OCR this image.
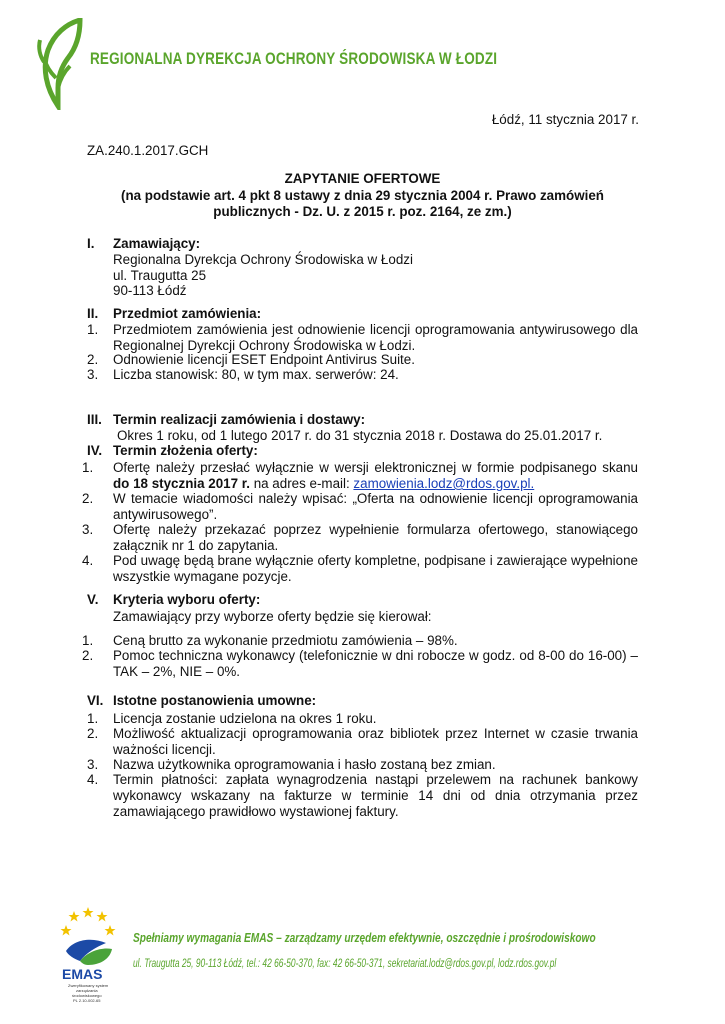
REGIONALNA DYREKCJA OCHRONY ŚRODOWISKA W ŁODZI
Łódź, 11 stycznia 2017 r.
ZA.240.1.2017.GCH
ZAPYTANIE OFERTOWE
(na podstawie art. 4 pkt 8 ustawy z dnia 29 stycznia 2004 r. Prawo zamówień
publicznych - Dz. U. z 2015 r. poz. 2164, ze zm.)
I. Zamawiający:
Regionalna Dyrekcja Ochrony Środowiska w Łodzi
ul. Traugutta 25
90-113 Łódź
II. Przedmiot zamówienia:
1. Przedmiotem zamówienia jest odnowienie licencji oprogramowania antywirusowego dla
Regionalnej Dyrekcji Ochrony Środowiska w Łodzi.
2. Odnowienie licencji ESET Endpoint Antivirus Suite.
3. Liczba stanowisk: 80, w tym max. serwerów: 24.
III. Termin realizacji zamówienia i dostawy:
Okres 1 roku, od 1 lutego 2017 r. do 31 stycznia 2018 r. Dostawa do 25.01.2017 r.
IV. Termin złożenia oferty:
1. Ofertę należy przesłać wyłącznie w wersji elektronicznej w formie podpisanego skanu
do 18 stycznia 2017 r. na adres e-mail: zamowienia.lodz@rdos.gov.pl.
2. W temacie wiadomości należy wpisać: „Oferta na odnowienie licencji oprogramowania
antywirusowego”.
3. Ofertę należy przekazać poprzez wypełnienie formularza ofertowego, stanowiącego
załącznik nr 1 do zapytania.
4. Pod uwagę będą brane wyłącznie oferty kompletne, podpisane i zawierające wypełnione
wszystkie wymagane pozycje.
V. Kryteria wyboru oferty:
Zamawiający przy wyborze oferty będzie się kierował:
1. Ceną brutto za wykonanie przedmiotu zamówienia – 98%.
2. Pomoc techniczna wykonawcy (telefonicznie w dni robocze w godz. od 8-00 do 16-00) –
TAK – 2%, NIE – 0%.
VI. Istotne postanowienia umowne:
1. Licencja zostanie udzielona na okres 1 roku.
2. Możliwość aktualizacji oprogramowania oraz bibliotek przez Internet w czasie trwania
ważności licencji.
3. Nazwa użytkownika oprogramowania i hasło zostaną bez zmian.
4. Termin płatności: zapłata wynagrodzenia nastąpi przelewem na rachunek bankowy
wykonawcy wskazany na fakturze w terminie 14 dni od dnia otrzymania przez
zamawiającego prawidłowo wystawionej faktury.
EMAS
Zweryfikowany system
zarządzania
środowiskowego
PL 2.10-002-65
Spełniamy wymagania EMAS – zarządzamy urzędem efektywnie, oszczędnie i prośrodowiskowo
ul. Traugutta 25, 90-113 Łódź, tel.: 42 66-50-370, fax: 42 66-50-371, sekretariat.lodz@rdos.gov.pl, lodz.rdos.gov.pl
